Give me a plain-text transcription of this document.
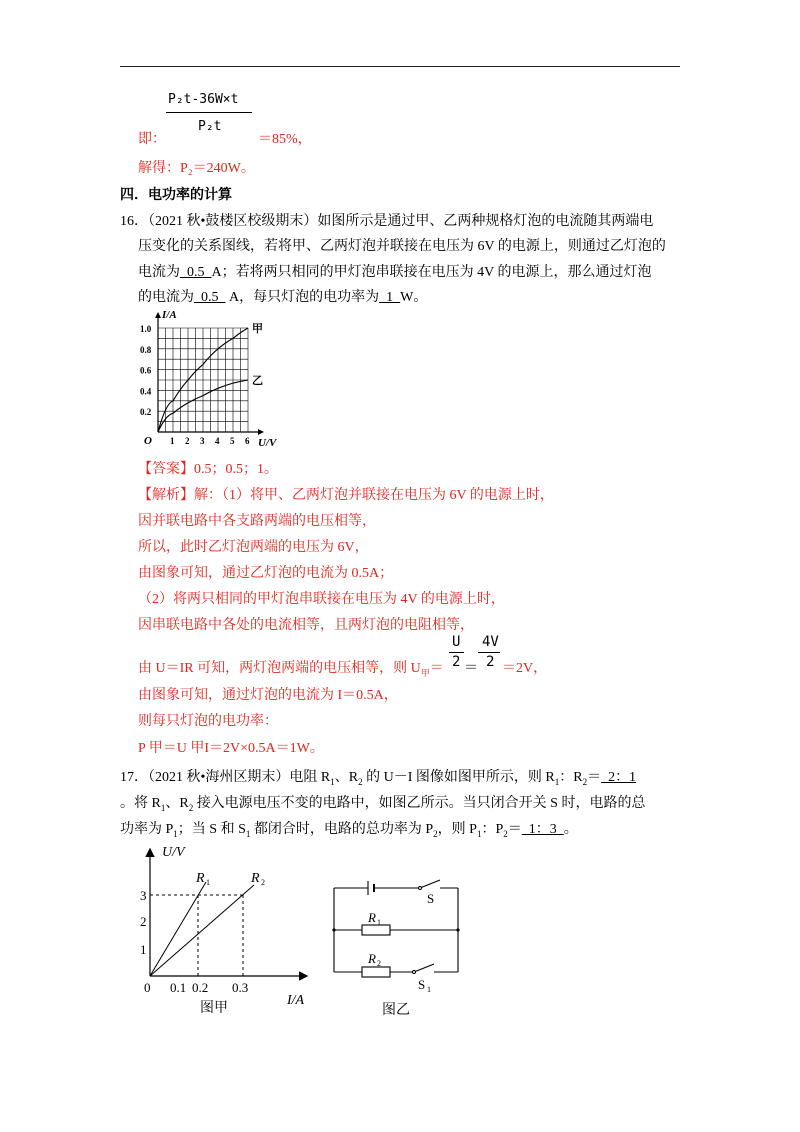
P₂t-36W×t
即：
P₂t
＝85%，
解得：P₂＝240W。
四．电功率的计算
16．（2021 秋•鼓楼区校级期末）如图所示是通过甲、乙两种规格灯泡的电流随其两端电
压变化的关系图线，若将甲、乙两灯泡并联接在电压为 6V 的电源上，则通过乙灯泡的
电流为  0.5  A；若将两只相同的甲灯泡串联接在电压为 4V 的电源上，那么通过灯泡
的电流为  0.5   A，每只灯泡的电功率为  1  W。
I/A
U/V
O
0.2
0.4
0.6
0.8
1.0
1 2 3 4 5 6
甲
乙
【答案】0.5；0.5；1。
【解析】解：（1）将甲、乙两灯泡并联接在电压为 6V 的电源上时，
因并联电路中各支路两端的电压相等，
所以，此时乙灯泡两端的电压为 6V，
由图象可知，通过乙灯泡的电流为 0.5A；
（2）将两只相同的甲灯泡串联接在电压为 4V 的电源上时，
因串联电路中各处的电流相等，且两灯泡的电阻相等，
由 U＝IR 可知，两灯泡两端的电压相等，则 $U_甲=$
U
2 ＝
4V
2 ＝2V，
由图象可知，通过灯泡的电流为 I＝0.5A，
则每只灯泡的电功率：
P 甲＝U 甲I＝2V×0.5A＝1W。
17．（2021 秋•海州区期末）电阻 $R_1$、$R_2$ 的 U－I 图像如图甲所示，则 $R_1$：$R_2= 2$：1
。将 $R_1$、$R_2$ 接入电源电压不变的电路中，如图乙所示。当只闭合开关 S 时，电路的总
功率为 $P_1$；当 S 和 $S_1$ 都闭合时，电路的总功率为 $P_2$，则 $P_1$：$P_2= 1$：3  。
U/V
I/A
0
1
2
3
0.1 0.2 0.3
R 1	R 2
图甲
S
R 1
R 2
S 1
图乙
